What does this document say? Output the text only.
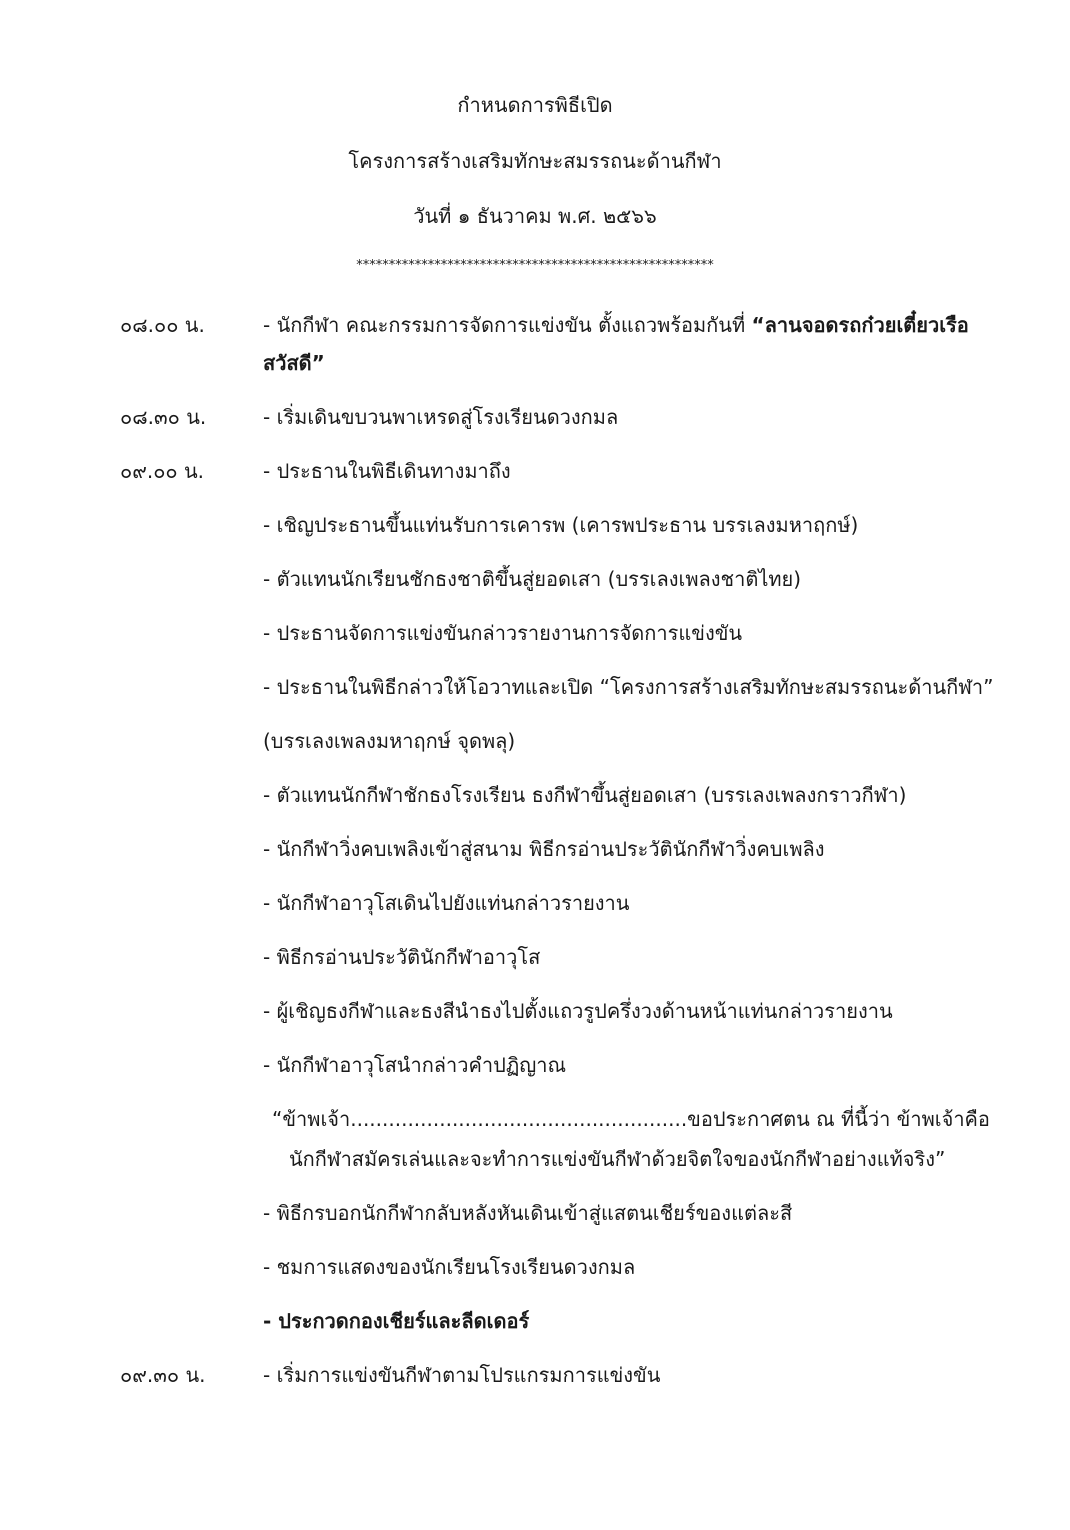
กำหนดการพิธีเปิด
โครงการสร้างเสริมทักษะสมรรถนะด้านกีฬา
วันที่ ๑ ธันวาคม พ.ศ. ๒๕๖๖
*******************************************************
๐๘.๐๐ น.	- นักกีฬา คณะกรรมการจัดการแข่งขัน ตั้งแถวพร้อมกันที่ “ลานจอดรถก๋วยเตี๋ยวเรือสวัสดี”
๐๘.๓๐ น.	- เริ่มเดินขบวนพาเหรดสู่โรงเรียนดวงกมล
๐๙.๐๐ น.	- ประธานในพิธีเดินทางมาถึง
- เชิญประธานขึ้นแท่นรับการเคารพ (เคารพประธาน บรรเลงมหาฤกษ์)
- ตัวแทนนักเรียนชักธงชาติขึ้นสู่ยอดเสา (บรรเลงเพลงชาติไทย)
- ประธานจัดการแข่งขันกล่าวรายงานการจัดการแข่งขัน
- ประธานในพิธีกล่าวให้โอวาทและเปิด “โครงการสร้างเสริมทักษะสมรรถนะด้านกีฬา”
(บรรเลงเพลงมหาฤกษ์ จุดพลุ)
- ตัวแทนนักกีฬาชักธงโรงเรียน ธงกีฬาขึ้นสู่ยอดเสา (บรรเลงเพลงกราวกีฬา)
- นักกีฬาวิ่งคบเพลิงเข้าสู่สนาม พิธีกรอ่านประวัตินักกีฬาวิ่งคบเพลิง
- นักกีฬาอาวุโสเดินไปยังแท่นกล่าวรายงาน
- พิธีกรอ่านประวัตินักกีฬาอาวุโส
- ผู้เชิญธงกีฬาและธงสีนำธงไปตั้งแถวรูปครึ่งวงด้านหน้าแท่นกล่าวรายงาน
- นักกีฬาอาวุโสนำกล่าวคำปฏิญาณ
“ข้าพเจ้า.....................................................ขอประกาศตน ณ ที่นี้ว่า ข้าพเจ้าคือ
นักกีฬาสมัครเล่นและจะทำการแข่งขันกีฬาด้วยจิตใจของนักกีฬาอย่างแท้จริง”
- พิธีกรบอกนักกีฬากลับหลังหันเดินเข้าสู่แสตนเชียร์ของแต่ละสี
- ชมการแสดงของนักเรียนโรงเรียนดวงกมล
- ประกวดกองเชียร์และลีดเดอร์
๐๙.๓๐ น.	- เริ่มการแข่งขันกีฬาตามโปรแกรมการแข่งขัน
